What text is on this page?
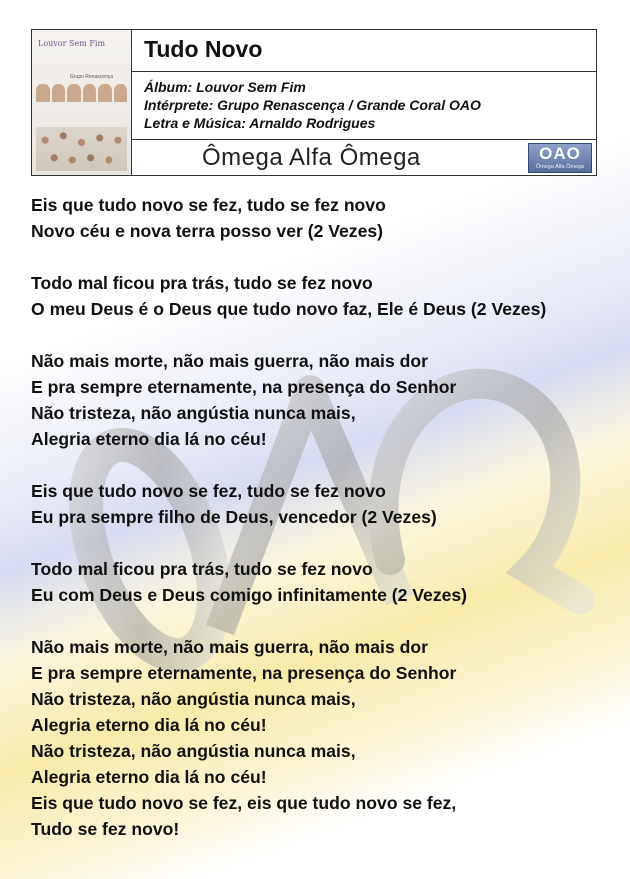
Louvor Sem Fim
Grupo Renascença
Tudo Novo
Álbum: Louvor Sem Fim
Intérprete: Grupo Renascença / Grande Coral OAO
Letra e Música: Arnaldo Rodrigues
Ômega Alfa Ômega	OAO
Ômega Alfa Ômega
Eis que tudo novo se fez, tudo se fez novo
Novo céu e nova terra posso ver (2 Vezes)
Todo mal ficou pra trás, tudo se fez novo
O meu Deus é o Deus que tudo novo faz, Ele é Deus (2 Vezes)
Não mais morte, não mais guerra, não mais dor
E pra sempre eternamente, na presença do Senhor
Não tristeza, não angústia nunca mais,
Alegria eterno dia lá no céu!
Eis que tudo novo se fez, tudo se fez novo
Eu pra sempre filho de Deus, vencedor (2 Vezes)
Todo mal ficou pra trás, tudo se fez novo
Eu com Deus e Deus comigo infinitamente (2 Vezes)
Não mais morte, não mais guerra, não mais dor
E pra sempre eternamente, na presença do Senhor
Não tristeza, não angústia nunca mais,
Alegria eterno dia lá no céu!
Não tristeza, não angústia nunca mais,
Alegria eterno dia lá no céu!
Eis que tudo novo se fez, eis que tudo novo se fez,
Tudo se fez novo!
